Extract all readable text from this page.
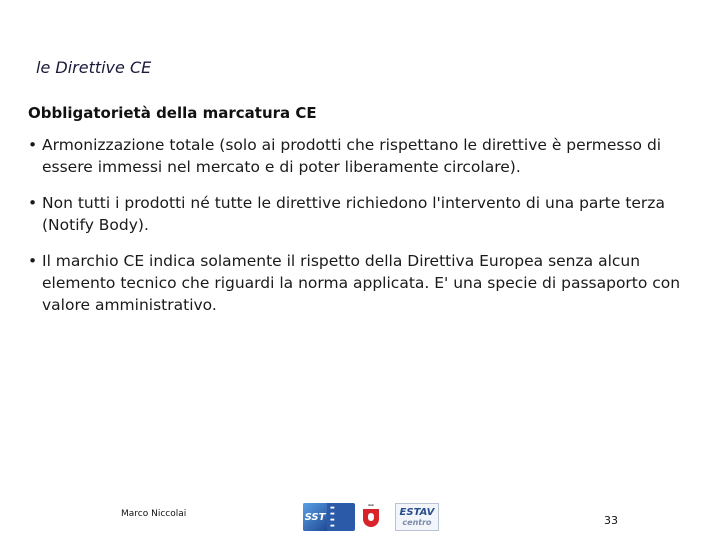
le Direttive CE
Obbligatorietà della marcatura CE
• Armonizzazione totale (solo ai prodotti che rispettano le direttive è permesso di essere immessi nel mercato e di poter liberamente circolare).
• Non tutti i prodotti né tutte le direttive richiedono l'intervento di una parte terza (Notify Body).
• Il marchio CE indica solamente il rispetto della Direttiva Europea senza alcun elemento tecnico che riguardi la norma applicata. E' una specie di passaporto con valore amministrativo.
Marco Niccolai	SST
▬
▬
▬
▬
▬▬
ESTAV
centro	33
